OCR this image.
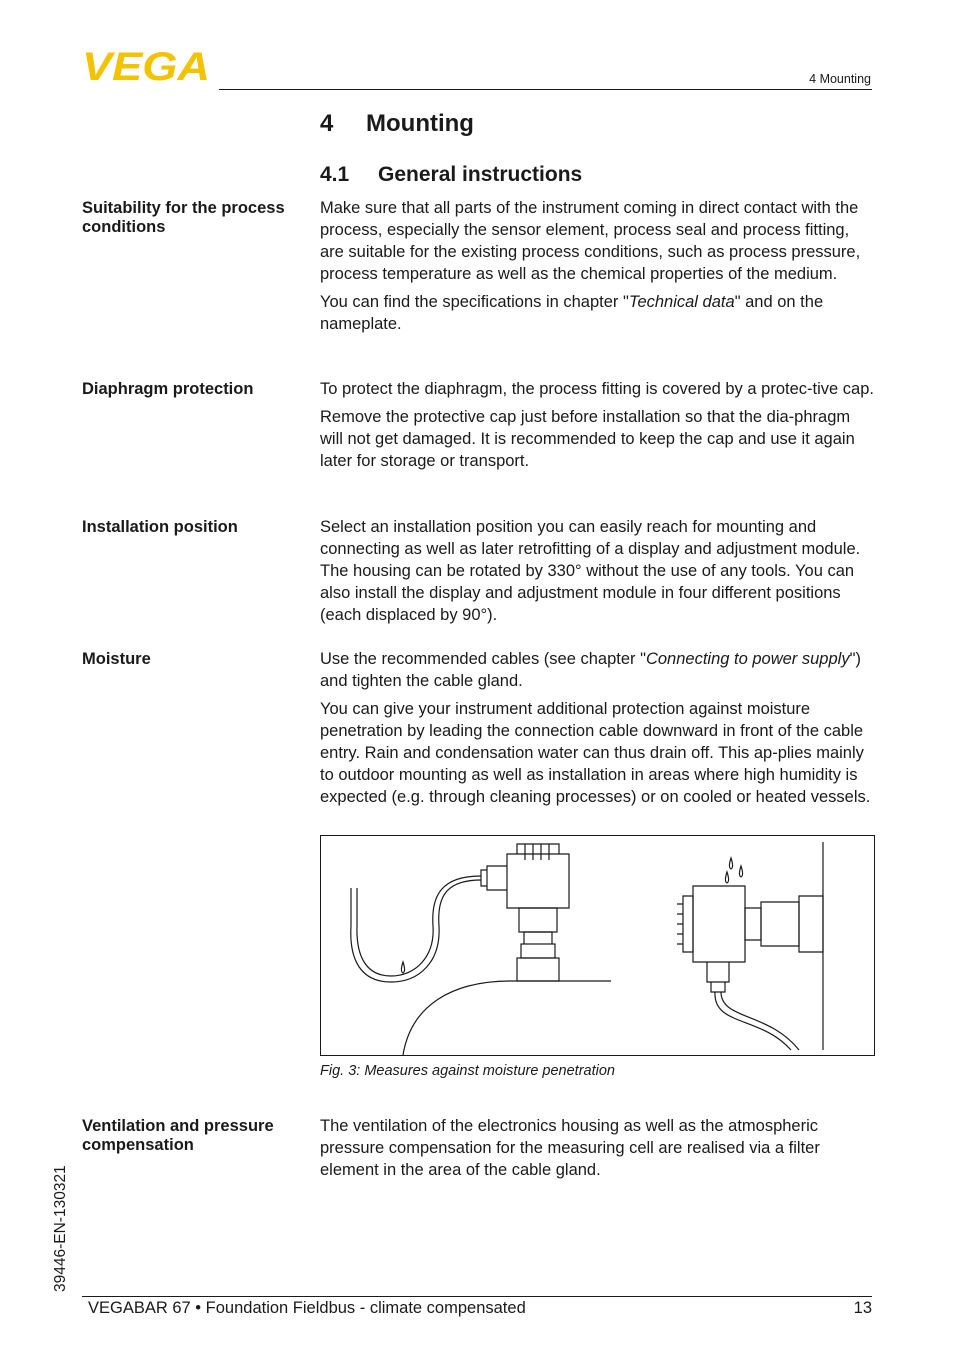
VEGA	4 Mounting
4 Mounting
4.1 General instructions
Suitability for the process conditions

Make sure that all parts of the instrument coming in direct contact with the process, especially the sensor element, process seal and process fitting, are suitable for the existing process conditions, such as process pressure, process temperature as well as the chemical properties of the medium.

You can find the specifications in chapter "Technical data" and on the nameplate.

Diaphragm protection	To protect the diaphragm, the process fitting is covered by a protec-tive cap.

Remove the protective cap just before installation so that the dia-phragm will not get damaged. It is recommended to keep the cap and use it again later for storage or transport.

Installation position	Select an installation position you can easily reach for mounting and connecting as well as later retrofitting of a display and adjustment module. The housing can be rotated by 330° without the use of any tools. You can also install the display and adjustment module in four different positions (each displaced by 90°).

Moisture	Use the recommended cables (see chapter "Connecting to power supply") and tighten the cable gland.

You can give your instrument additional protection against moisture penetration by leading the connection cable downward in front of the cable entry. Rain and condensation water can thus drain off. This ap-plies mainly to outdoor mounting as well as installation in areas where high humidity is expected (e.g. through cleaning processes) or on cooled or heated vessels.

Fig. 3: Measures against moisture penetration
Ventilation and pressure compensation

The ventilation of the electronics housing as well as the atmospheric pressure compensation for the measuring cell are realised via a filter element in the area of the cable gland.

39446-EN-130321
VEGABAR 67 • Foundation Fieldbus - climate compensated	13
